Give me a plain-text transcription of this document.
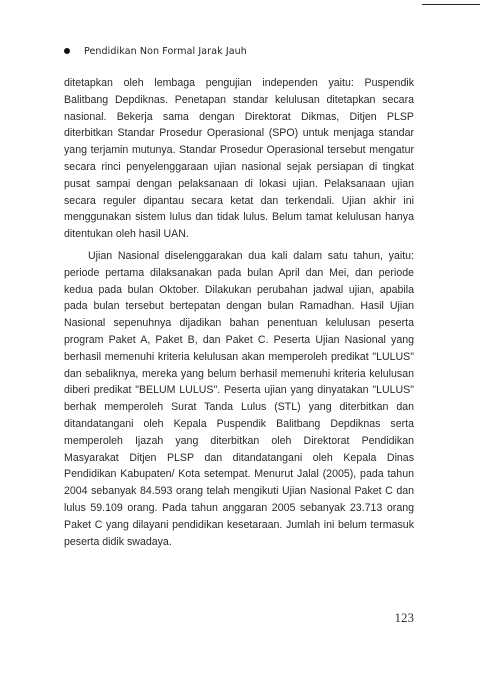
Pendidikan Non Formal Jarak Jauh

ditetapkan oleh lembaga pengujian independen yaitu: Puspendik Balitbang Depdiknas. Penetapan standar kelulusan ditetapkan secara nasional. Bekerja sama dengan Direktorat Dikmas, Ditjen PLSP diterbitkan Standar Prosedur Operasional (SPO) untuk menjaga standar yang terjamin mutunya. Standar Prosedur Operasional tersebut mengatur secara rinci penyelenggaraan ujian nasional sejak persiapan di tingkat pusat sampai dengan pelaksanaan di lokasi ujian. Pelaksanaan ujian secara reguler dipantau secara ketat dan terkendali. Ujian akhir ini menggunakan sistem lulus dan tidak lulus. Belum tamat kelulusan hanya ditentukan oleh hasil UAN.

Ujian Nasional diselenggarakan dua kali dalam satu tahun, yaitu: periode pertama dilaksanakan pada bulan April dan Mei, dan periode kedua pada bulan Oktober. Dilakukan perubahan jadwal ujian, apabila pada bulan tersebut bertepatan dengan bulan Ramadhan. Hasil Ujian Nasional sepenuhnya dijadikan bahan penentuan kelulusan peserta program Paket A, Paket B, dan Paket C. Peserta Ujian Nasional yang berhasil memenuhi kriteria kelulusan akan memperoleh predikat "LULUS" dan sebaliknya, mereka yang belum berhasil memenuhi kriteria kelulusan diberi predikat "BELUM LULUS". Peserta ujian yang dinyatakan "LULUS" berhak memperoleh Surat Tanda Lulus (STL) yang diterbitkan dan ditandatangani oleh Kepala Puspendik Balitbang Depdiknas serta memperoleh Ijazah yang diterbitkan oleh Direktorat Pendidikan Masyarakat Ditjen PLSP dan ditandatangani oleh Kepala Dinas Pendidikan Kabupaten/ Kota setempat. Menurut Jalal (2005), pada tahun 2004 sebanyak 84.593 orang telah mengikuti Ujian Nasional Paket C dan lulus 59.109 orang. Pada tahun anggaran 2005 sebanyak 23.713 orang Paket C yang dilayani pendidikan kesetaraan. Jumlah ini belum termasuk peserta didik swadaya.

123
